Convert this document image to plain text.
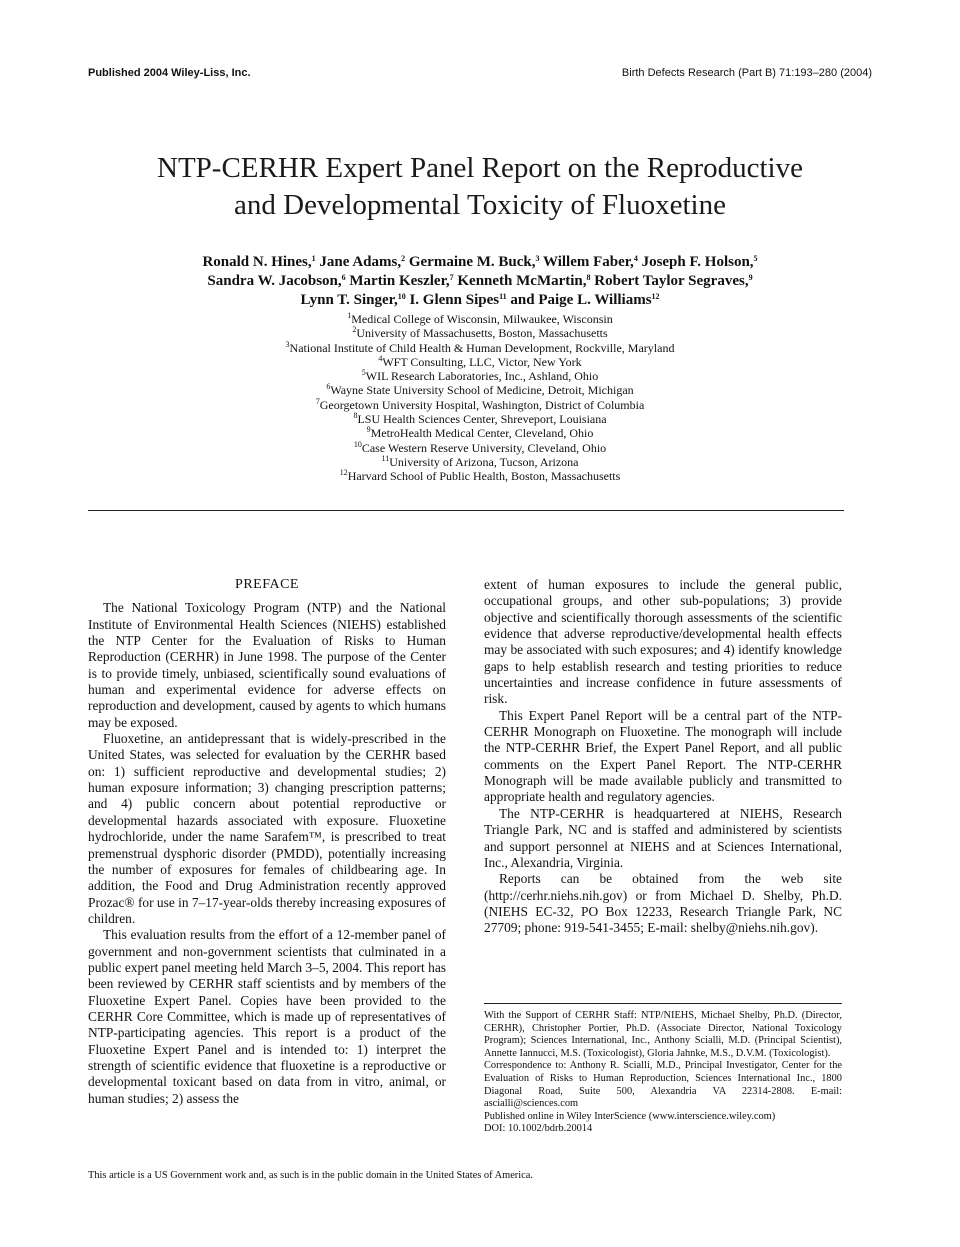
Published 2004 Wiley-Liss, Inc.	Birth Defects Research (Part B) 71:193–280 (2004)
NTP-CERHR Expert Panel Report on the Reproductive
and Developmental Toxicity of Fluoxetine
Ronald N. Hines,$^1$ Jane Adams,$^2$ Germaine M. Buck,$^3$ Willem Faber,$^4$ Joseph F. Holson,$^5$
Sandra W. Jacobson,$^6$ Martin Keszler,$^7$ Kenneth McMartin,$^8$ Robert Taylor Segraves,$^9$
Lynn T. Singer,$^{10}$ I. Glenn Sipes$^{11}$ and Paige L. Williams$^{12}$
$^1$Medical College of Wisconsin, Milwaukee, Wisconsin
$^2$University of Massachusetts, Boston, Massachusetts
$^3$National Institute of Child Health & Human Development, Rockville, Maryland
$^4$WFT Consulting, LLC, Victor, New York
$^5$WIL Research Laboratories, Inc., Ashland, Ohio
$^6$Wayne State University School of Medicine, Detroit, Michigan
$^7$Georgetown University Hospital, Washington, District of Columbia
$^8$LSU Health Sciences Center, Shreveport, Louisiana
$^9$MetroHealth Medical Center, Cleveland, Ohio
$^{10}$Case Western Reserve University, Cleveland, Ohio
$^{11}$University of Arizona, Tucson, Arizona
$^{12}$Harvard School of Public Health, Boston, Massachusetts
PREFACE

The National Toxicology Program (NTP) and the National Institute of Environmental Health Sciences (NIEHS) established the NTP Center for the Evaluation of Risks to Human Reproduction (CERHR) in June 1998. The purpose of the Center is to provide timely, unbiased, scientifically sound evaluations of human and experimental evidence for adverse effects on reproduction and development, caused by agents to which humans may be exposed.

Fluoxetine, an antidepressant that is widely-prescribed in the United States, was selected for evaluation by the CERHR based on: 1) sufficient reproductive and developmental studies; 2) human exposure information; 3) changing prescription patterns; and 4) public concern about potential reproductive or developmental hazards associated with exposure. Fluoxetine hydrochloride, under the name Sarafem™, is prescribed to treat premenstrual dysphoric disorder (PMDD), potentially increasing the number of exposures for females of childbearing age. In addition, the Food and Drug Administration recently approved Prozac® for use in 7–17-year-olds thereby increasing exposures of children.

This evaluation results from the effort of a 12-member panel of government and non-government scientists that culminated in a public expert panel meeting held March 3–5, 2004. This report has been reviewed by CERHR staff scientists and by members of the Fluoxetine Expert Panel. Copies have been provided to the CERHR Core Committee, which is made up of representatives of NTP-participating agencies. This report is a product of the Fluoxetine Expert Panel and is intended to: 1) interpret the strength of scientific evidence that fluoxetine is a reproductive or developmental toxicant based on data from in vitro, animal, or human studies; 2) assess the

extent of human exposures to include the general public, occupational groups, and other sub-populations; 3) provide objective and scientifically thorough assessments of the scientific evidence that adverse reproductive/developmental health effects may be associated with such exposures; and 4) identify knowledge gaps to help establish research and testing priorities to reduce uncertainties and increase confidence in future assessments of risk.

This Expert Panel Report will be a central part of the NTP-CERHR Monograph on Fluoxetine. The monograph will include the NTP-CERHR Brief, the Expert Panel Report, and all public comments on the Expert Panel Report. The NTP-CERHR Monograph will be made available publicly and transmitted to appropriate health and regulatory agencies.

The NTP-CERHR is headquartered at NIEHS, Research Triangle Park, NC and is staffed and administered by scientists and support personnel at NIEHS and at Sciences International, Inc., Alexandria, Virginia.

Reports can be obtained from the web site (http://cerhr.niehs.nih.gov) or from Michael D. Shelby, Ph.D. (NIEHS EC-32, PO Box 12233, Research Triangle Park, NC 27709; phone: 919-541-3455; E-mail: shelby@niehs.nih.gov).

With the Support of CERHR Staff: NTP/NIEHS, Michael Shelby, Ph.D. (Director, CERHR), Christopher Portier, Ph.D. (Associate Director, National Toxicology Program); Sciences International, Inc., Anthony Scialli, M.D. (Principal Scientist), Annette Iannucci, M.S. (Toxicologist), Gloria Jahnke, M.S., D.V.M. (Toxicologist).

Correspondence to: Anthony R. Scialli, M.D., Principal Investigator, Center for the Evaluation of Risks to Human Reproduction, Sciences International Inc., 1800 Diagonal Road, Suite 500, Alexandria VA 22314-2808. E-mail: ascialli@sciences.com

Published online in Wiley InterScience (www.interscience.wiley.com)

DOI: 10.1002/bdrb.20014

This article is a US Government work and, as such is in the public domain in the United States of America.
